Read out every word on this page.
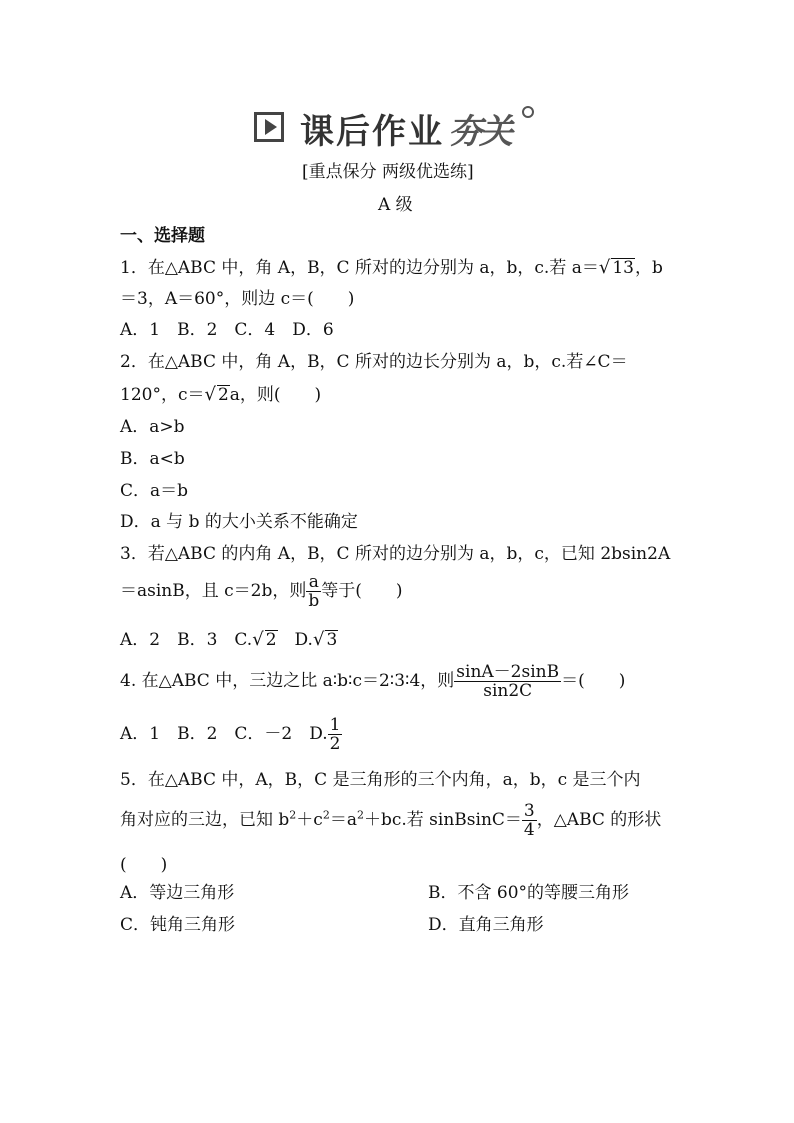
课后作业 夯关
[重点保分 两级优选练]
A 级
一、选择题
1．在△ABC 中，角 A，B，C 所对的边分别为 a，b，c.若 a＝√ 13，b
＝3，A＝60°，则边 c＝(　　)
A．1　B．2　C．4　D．6
2．在△ABC 中，角 A，B，C 所对的边长分别为 a，b，c.若∠C＝
120°，c＝√ 2a，则(　　)
A．a>b
B．a<b
C．a＝b
D．a 与 b 的大小关系不能确定
3．若△ABC 的内角 A，B，C 所对的边分别为 a，b，c，已知 2bsin2A
＝asinB，且 c＝2b，则 $\frac{a}{b}$ 等于(　　)
A．2　B．3　C.√ 2　D.√ 3
4. 在△ABC 中，三边之比 a∶b∶c＝2∶3∶4，则 $\frac{\sin A-2\sin B}{\sin 2C}$ ＝(　　)
A．1　B．2　C．－2　D. $\frac{1}{2}$
5．在△ABC 中，A，B，C 是三角形的三个内角，a，b，c 是三个内
角对应的三边，已知 $b^2+c^2=a^2+bc$.若 sinBsinC＝ $\frac{3}{4}$ ，△ABC 的形状
(　　)
A．等边三角形	B．不含 60°的等腰三角形
C．钝角三角形	D．直角三角形
